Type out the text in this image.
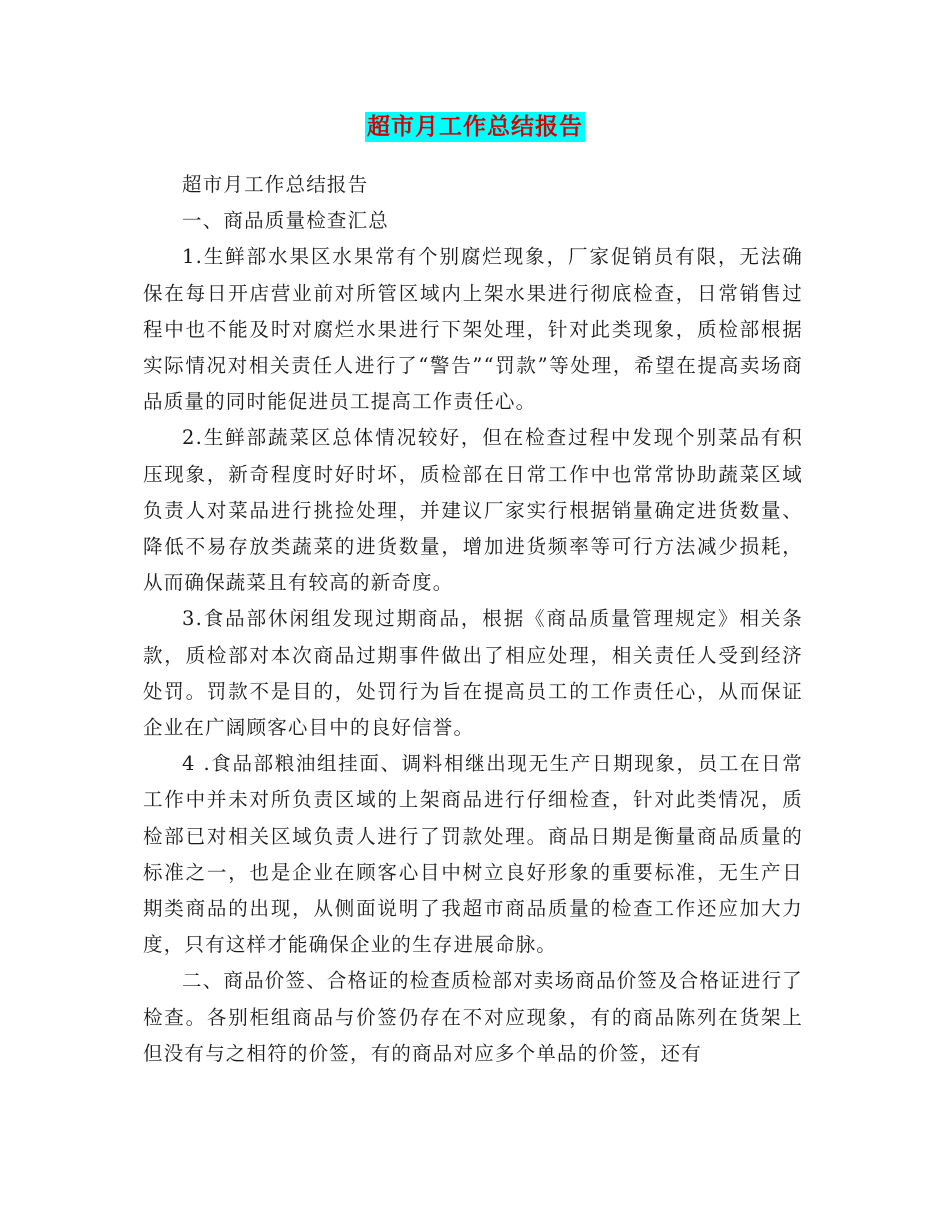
超市月工作总结报告

超市月工作总结报告

一、商品质量检查汇总

1.生鲜部水果区水果常有个别腐烂现象，厂家促销员有限，无法确保在每日开店营业前对所管区域内上架水果进行彻底检查，日常销售过程中也不能及时对腐烂水果进行下架处理，针对此类现象，质检部根据实际情况对相关责任人进行了“警告”“罚款”等处理，希望在提高卖场商品质量的同时能促进员工提高工作责任心。

2.生鲜部蔬菜区总体情况较好，但在检查过程中发现个别菜品有积压现象，新奇程度时好时坏，质检部在日常工作中也常常协助蔬菜区域负责人对菜品进行挑捡处理，并建议厂家实行根据销量确定进货数量、降低不易存放类蔬菜的进货数量，增加进货频率等可行方法减少损耗，从而确保蔬菜且有较高的新奇度。

3.食品部休闲组发现过期商品，根据《商品质量管理规定》相关条款，质检部对本次商品过期事件做出了相应处理，相关责任人受到经济处罚。罚款不是目的，处罚行为旨在提高员工的工作责任心，从而保证企业在广阔顾客心目中的良好信誉。

4 .食品部粮油组挂面、调料相继出现无生产日期现象，员工在日常工作中并未对所负责区域的上架商品进行仔细检查，针对此类情况，质检部已对相关区域负责人进行了罚款处理。商品日期是衡量商品质量的标准之一，也是企业在顾客心目中树立良好形象的重要标准，无生产日期类商品的出现，从侧面说明了我超市商品质量的检查工作还应加大力度，只有这样才能确保企业的生存进展命脉。

二、商品价签、合格证的检查质检部对卖场商品价签及合格证进行了检查。各别柜组商品与价签仍存在不对应现象，有的商品陈列在货架上但没有与之相符的价签，有的商品对应多个单品的价签，还有
